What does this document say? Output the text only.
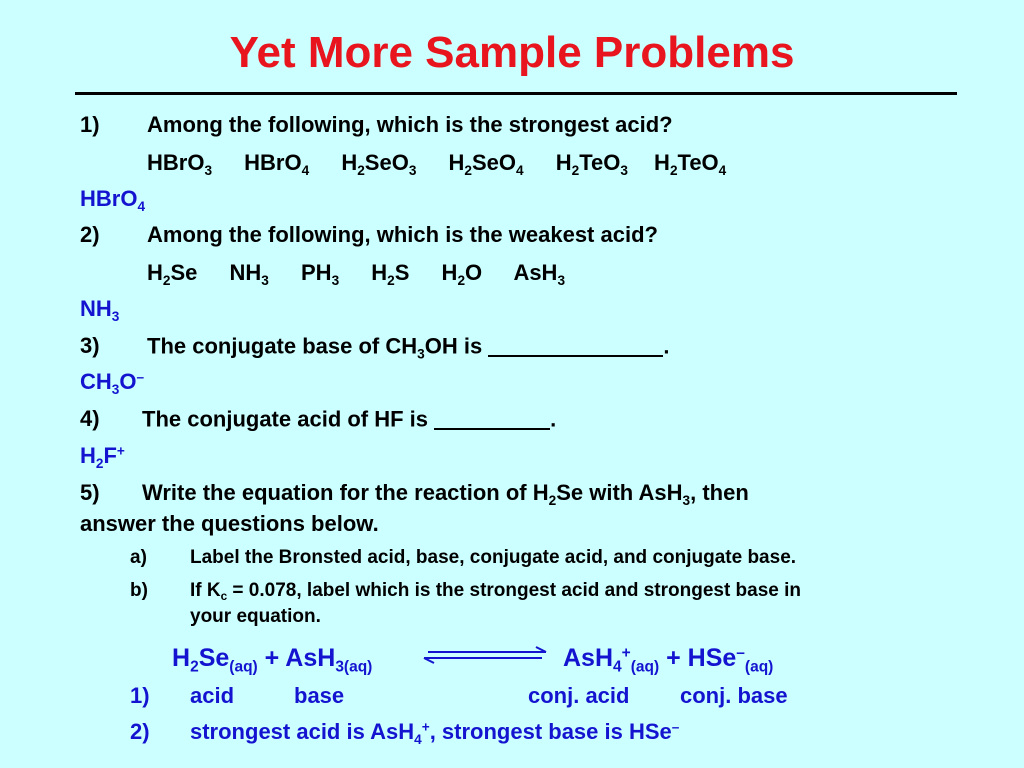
Yet More Sample Problems
1) Among the following, which is the strongest acid?
HBrO$_3$ HBrO$_4$ $H_2SeO_3$ $H_2SeO_4$ $H_2TeO_3$ $H_2TeO_4$
HBrO$_4$
2) Among the following, which is the weakest acid?
$H_2Se$ $NH_3$ $PH_3$ $H_2S$ $H_2O$ AsH$_3$
$NH_3$
3) The conjugate base of $CH_3OH$ is	.
$CH_3O^-$
4) The conjugate acid of HF is	.
$H_2F^+$
5) Write the equation for the reaction of $H_2Se$ with AsH$_3$, then
answer the questions below.
a) Label the Bronsted acid, base, conjugate acid, and conjugate base.
b) If $K_c = 0.078$, label which is the strongest acid and strongest base in
your equation.
$H_2Se_{(aq)} + AsH_{3(aq)}$	AsH$_4$+$_{(aq)}$ + HSe–$_{(aq)}$
1) acid	base	conj. acid conj. base
2) strongest acid is AsH$_4$+, strongest base is HSe–
